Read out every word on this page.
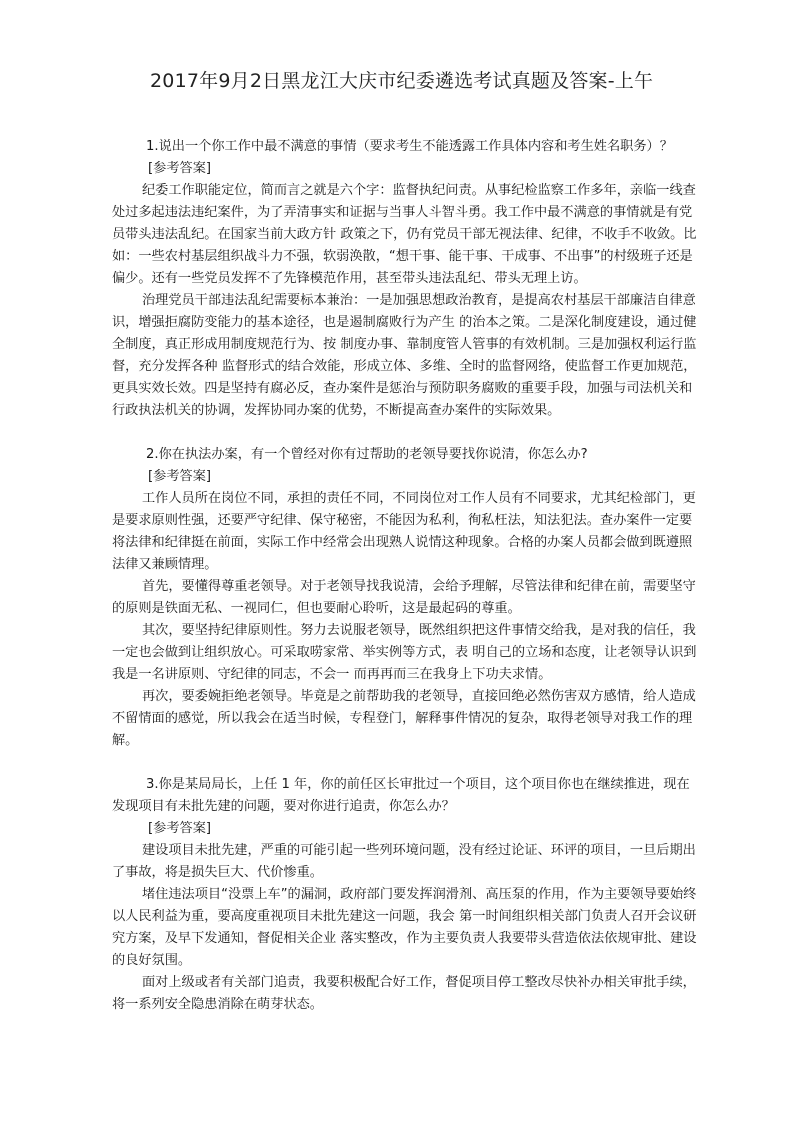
2017年9月2日黑龙江大庆市纪委遴选考试真题及答案-上午

1.说出一个你工作中最不满意的事情（要求考生不能透露工作具体内容和考生姓名职务）？

[参考答案]

纪委工作职能定位，简而言之就是六个字：监督执纪问责。从事纪检监察工作多年，亲临一线查处过多起违法违纪案件，为了弄清事实和证据与当事人斗智斗勇。我工作中最不满意的事情就是有党员带头违法乱纪。在国家当前大政方针 政策之下，仍有党员干部无视法律、纪律，不收手不收敛。比如：一些农村基层组织战斗力不强，软弱涣散，“想干事、能干事、干成事、不出事”的村级班子还是偏少。还有一些党员发挥不了先锋模范作用，甚至带头违法乱纪、带头无理上访。

治理党员干部违法乱纪需要标本兼治：一是加强思想政治教育，是提高农村基层干部廉洁自律意识，增强拒腐防变能力的基本途径，也是遏制腐败行为产生 的治本之策。二是深化制度建设，通过健全制度，真正形成用制度规范行为、按 制度办事、靠制度管人管事的有效机制。三是加强权利运行监督，充分发挥各种 监督形式的结合效能，形成立体、多维、全时的监督网络，使监督工作更加规范，更具实效长效。四是坚持有腐必反，查办案件是惩治与预防职务腐败的重要手段，加强与司法机关和行政执法机关的协调，发挥协同办案的优势，不断提高查办案件的实际效果。

2.你在执法办案，有一个曾经对你有过帮助的老领导要找你说清，你怎么办?

[参考答案]

工作人员所在岗位不同，承担的责任不同，不同岗位对工作人员有不同要求，尤其纪检部门，更是要求原则性强，还要严守纪律、保守秘密，不能因为私利，徇私枉法，知法犯法。查办案件一定要将法律和纪律挺在前面，实际工作中经常会出现熟人说情这种现象。合格的办案人员都会做到既遵照法律又兼顾情理。

首先，要懂得尊重老领导。对于老领导找我说清，会给予理解，尽管法律和纪律在前，需要坚守的原则是铁面无私、一视同仁，但也要耐心聆听，这是最起码的尊重。

其次，要坚持纪律原则性。努力去说服老领导，既然组织把这件事情交给我，是对我的信任，我一定也会做到让组织放心。可采取唠家常、举实例等方式，表 明自己的立场和态度，让老领导认识到我是一名讲原则、守纪律的同志，不会一 而再再而三在我身上下功夫求情。

再次，要委婉拒绝老领导。毕竟是之前帮助我的老领导，直接回绝必然伤害双方感情，给人造成不留情面的感觉，所以我会在适当时候，专程登门，解释事件情况的复杂，取得老领导对我工作的理解。

3.你是某局局长，上任 1 年，你的前任区长审批过一个项目，这个项目你也在继续推进，现在发现项目有未批先建的问题，要对你进行追责，你怎么办？

[参考答案]

建设项目未批先建，严重的可能引起一些列环境问题，没有经过论证、环评的项目，一旦后期出了事故，将是损失巨大、代价惨重。

堵住违法项目“没票上车”的漏洞，政府部门要发挥润滑剂、高压泵的作用，作为主要领导要始终以人民利益为重，要高度重视项目未批先建这一问题，我会 第一时间组织相关部门负责人召开会议研究方案，及早下发通知，督促相关企业 落实整改，作为主要负责人我要带头营造依法依规审批、建设的良好氛围。

面对上级或者有关部门追责，我要积极配合好工作，督促项目停工整改尽快补办相关审批手续，将一系列安全隐患消除在萌芽状态。
